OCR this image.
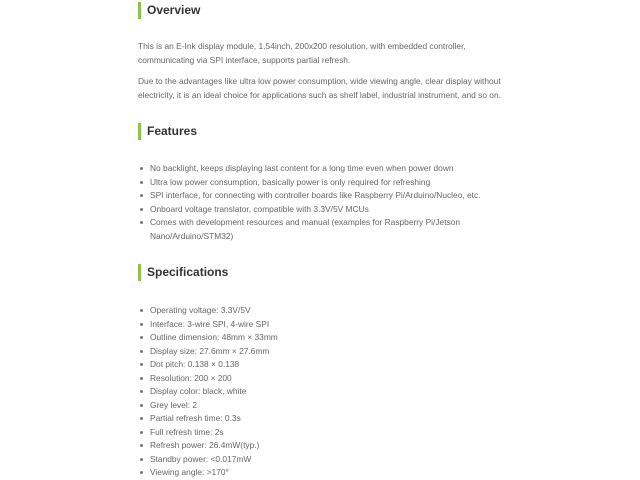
Overview

This is an E-Ink display module, 1.54inch, 200x200 resolution, with embedded controller, communicating via SPI interface, supports partial refresh.

Due to the advantages like ultra low power consumption, wide viewing angle, clear display without electricity, it is an ideal choice for applications such as shelf label, industrial instrument, and so on.

Features
No backlight, keeps displaying last content for a long time even when power down
Ultra low power consumption, basically power is only required for refreshing
SPI interface, for connecting with controller boards like Raspberry Pi/Arduino/Nucleo, etc.
Onboard voltage translator, compatible with 3.3V/5V MCUs
Comes with development resources and manual (examples for Raspberry Pi/Jetson Nano/Arduino/STM32)
Specifications
Operating voltage: 3.3V/5V
Interface: 3-wire SPI, 4-wire SPI
Outline dimension: 48mm × 33mm
Display size: 27.6mm × 27.6mm
Dot pitch: 0.138 × 0.138
Resolution: 200 × 200
Display color: black, white
Grey level: 2
Partial refresh time: 0.3s
Full refresh time: 2s
Refresh power: 26.4mW(typ.)
Standby power: <0.017mW
Viewing angle: >170°
